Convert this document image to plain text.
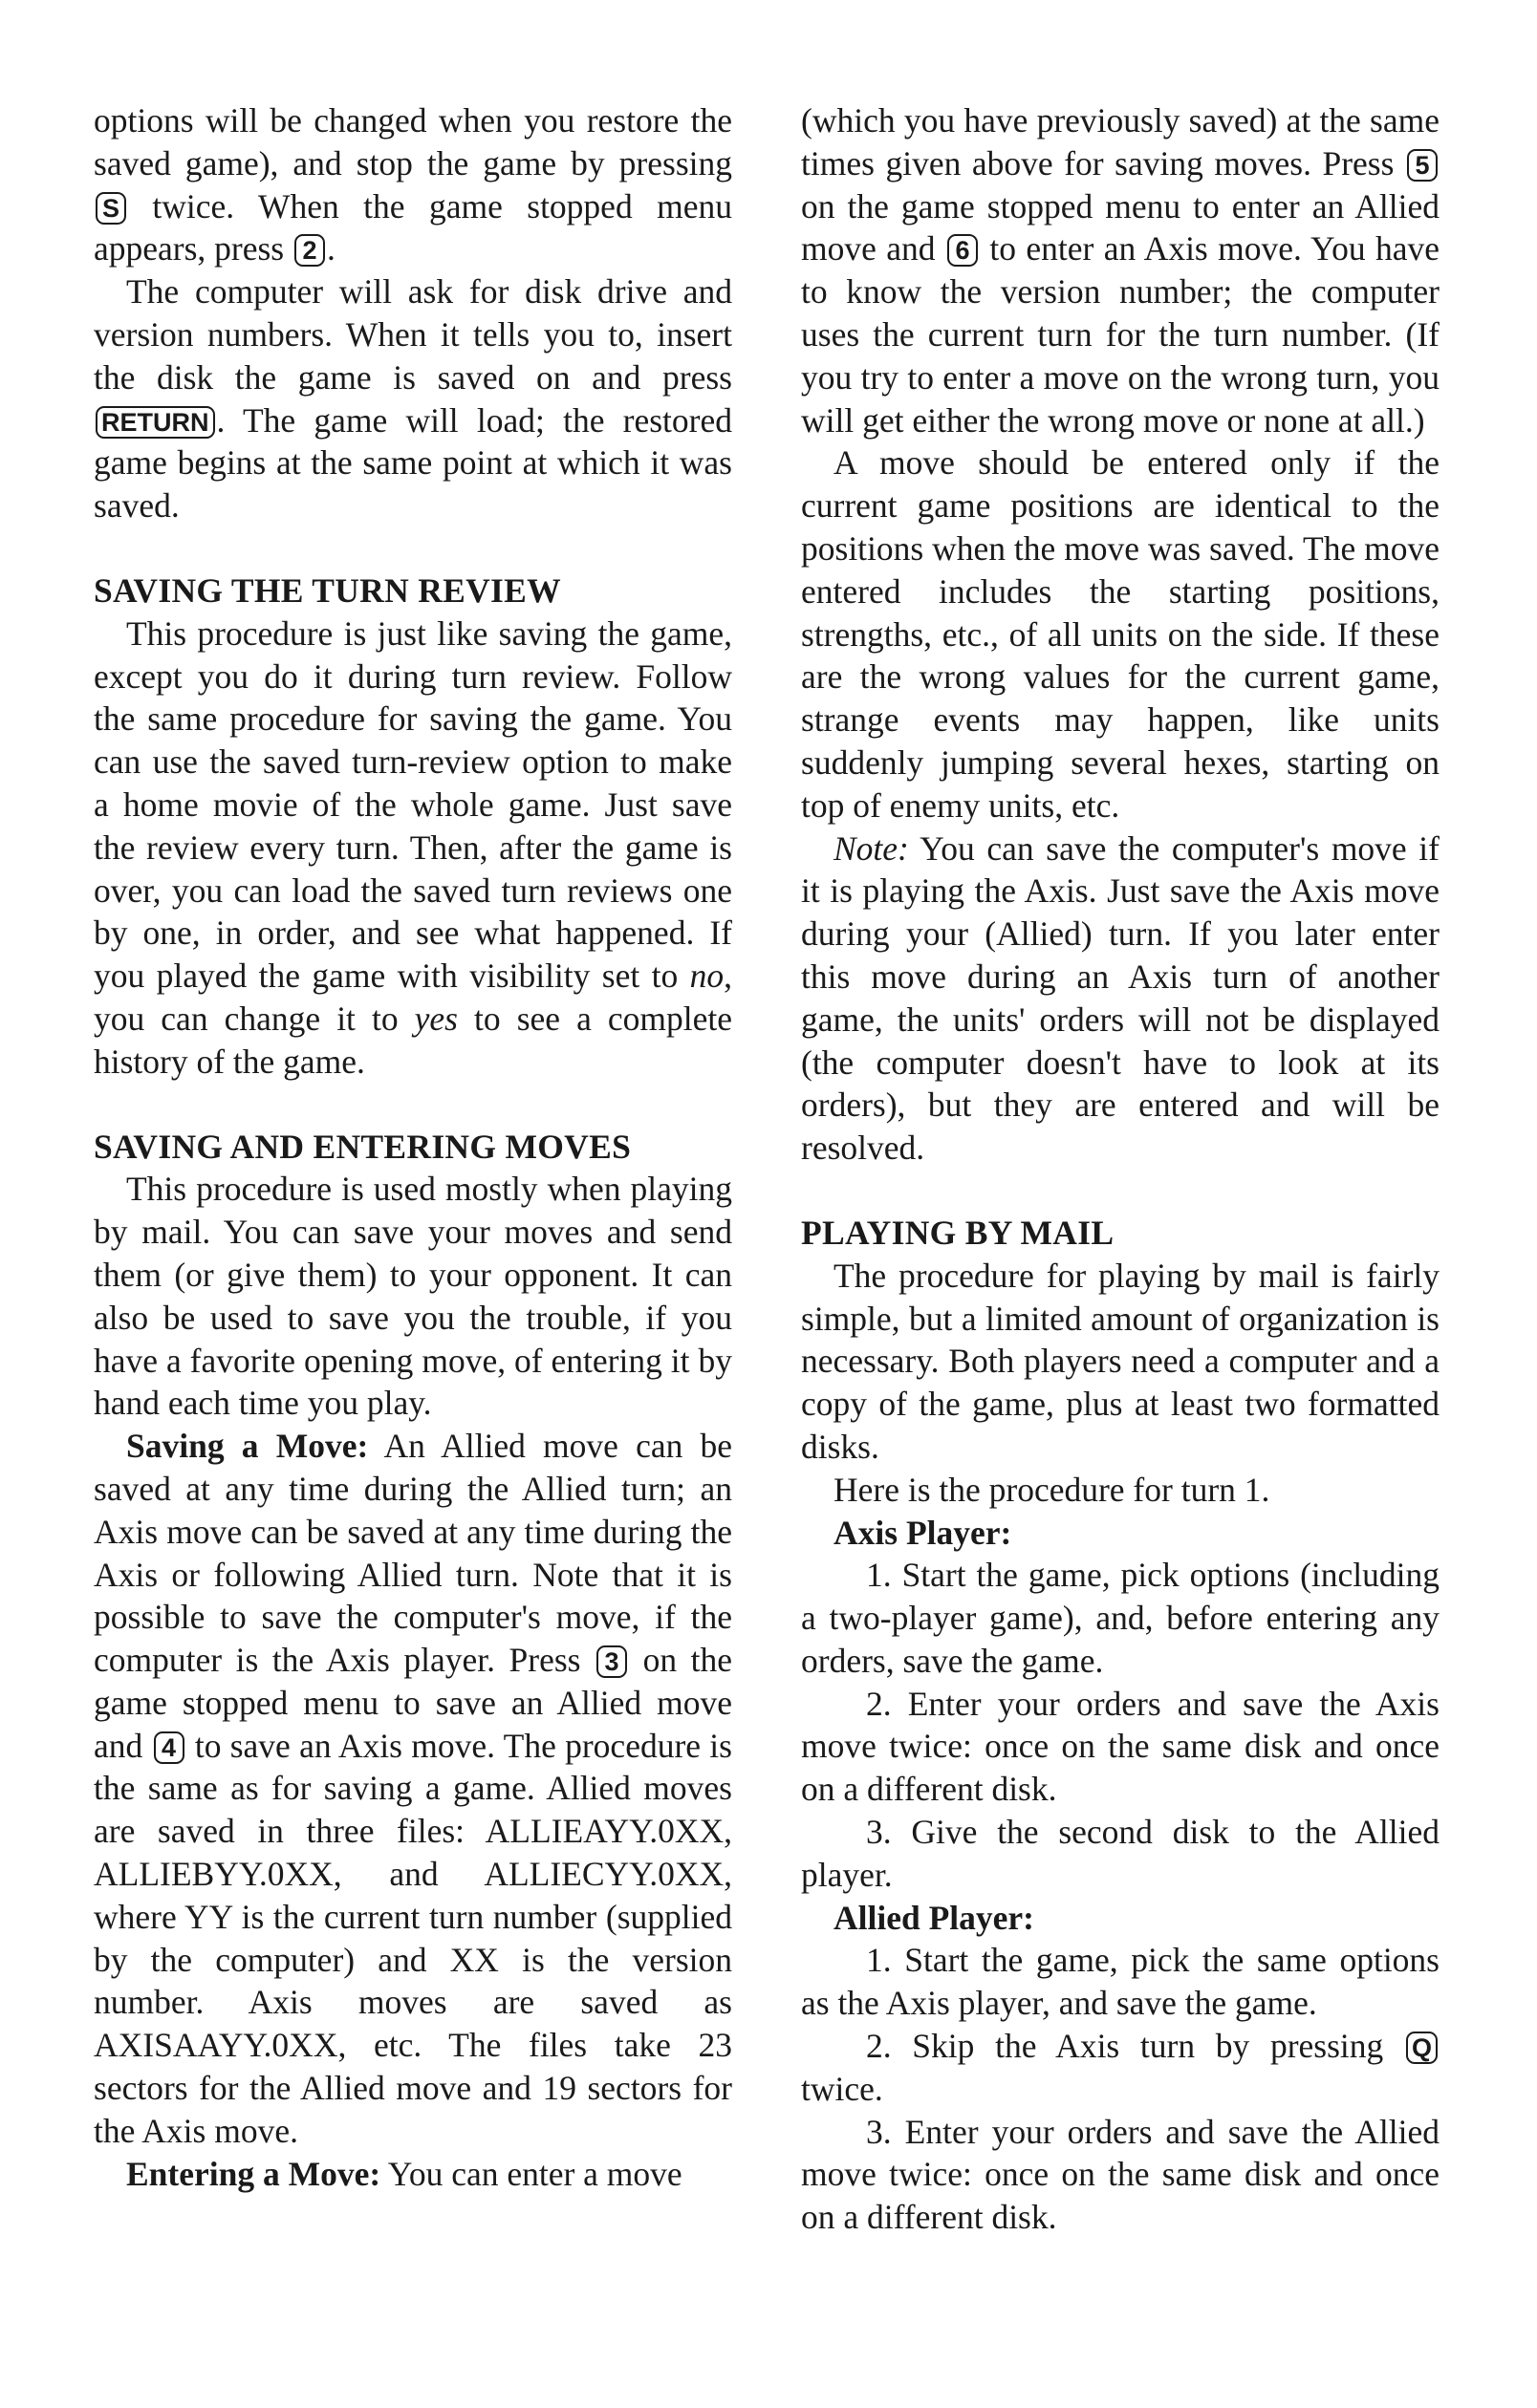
options will be changed when you restore the saved game), and stop the game by pressing S twice. When the game stopped menu appears, press 2 .

The computer will ask for disk drive and version numbers. When it tells you to, insert the disk the game is saved on and press RETURN . The game will load; the restored game begins at the same point at which it was saved.

SAVING THE TURN REVIEW

This procedure is just like saving the game, except you do it during turn review. Follow the same procedure for saving the game. You can use the saved turn-review option to make a home movie of the whole game. Just save the review every turn. Then, after the game is over, you can load the saved turn reviews one by one, in order, and see what happened. If you played the game with visibility set to no, you can change it to yes to see a complete history of the game.

SAVING AND ENTERING MOVES

This procedure is used mostly when playing by mail. You can save your moves and send them (or give them) to your opponent. It can also be used to save you the trouble, if you have a favorite opening move, of entering it by hand each time you play.

Saving a Move: An Allied move can be saved at any time during the Allied turn; an Axis move can be saved at any time during the Axis or following Allied turn. Note that it is possible to save the computer's move, if the computer is the Axis player. Press 3 on the game stopped menu to save an Allied move and 4 to save an Axis move. The procedure is the same as for saving a game. Allied moves are saved in three files: ALLIEAYY.0XX, ALLIEBYY.0XX, and ALLIECYY.0XX, where YY is the current turn number (supplied by the computer) and XX is the version number. Axis moves are saved as AXISAAYY.0XX, etc. The files take 23 sectors for the Allied move and 19 sectors for the Axis move.

Entering a Move: You can enter a move

(which you have previously saved) at the same times given above for saving moves. Press 5 on the game stopped menu to enter an Allied move and 6 to enter an Axis move. You have to know the version number; the computer uses the current turn for the turn number. (If you try to enter a move on the wrong turn, you will get either the wrong move or none at all.)

A move should be entered only if the current game positions are identical to the positions when the move was saved. The move entered includes the starting positions, strengths, etc., of all units on the side. If these are the wrong values for the current game, strange events may happen, like units suddenly jumping several hexes, starting on top of enemy units, etc.

Note: You can save the computer's move if it is playing the Axis. Just save the Axis move during your (Allied) turn. If you later enter this move during an Axis turn of another game, the units' orders will not be displayed (the computer doesn't have to look at its orders), but they are entered and will be resolved.

PLAYING BY MAIL

The procedure for playing by mail is fairly simple, but a limited amount of organization is necessary. Both players need a computer and a copy of the game, plus at least two formatted disks.

Here is the procedure for turn 1.

Axis Player:

1. Start the game, pick options (including a two-player game), and, before entering any orders, save the game.

2. Enter your orders and save the Axis move twice: once on the same disk and once on a different disk.

3. Give the second disk to the Allied player.

Allied Player:

1. Start the game, pick the same options as the Axis player, and save the game.

2. Skip the Axis turn by pressing Q twice.

3. Enter your orders and save the Allied move twice: once on the same disk and once on a different disk.
